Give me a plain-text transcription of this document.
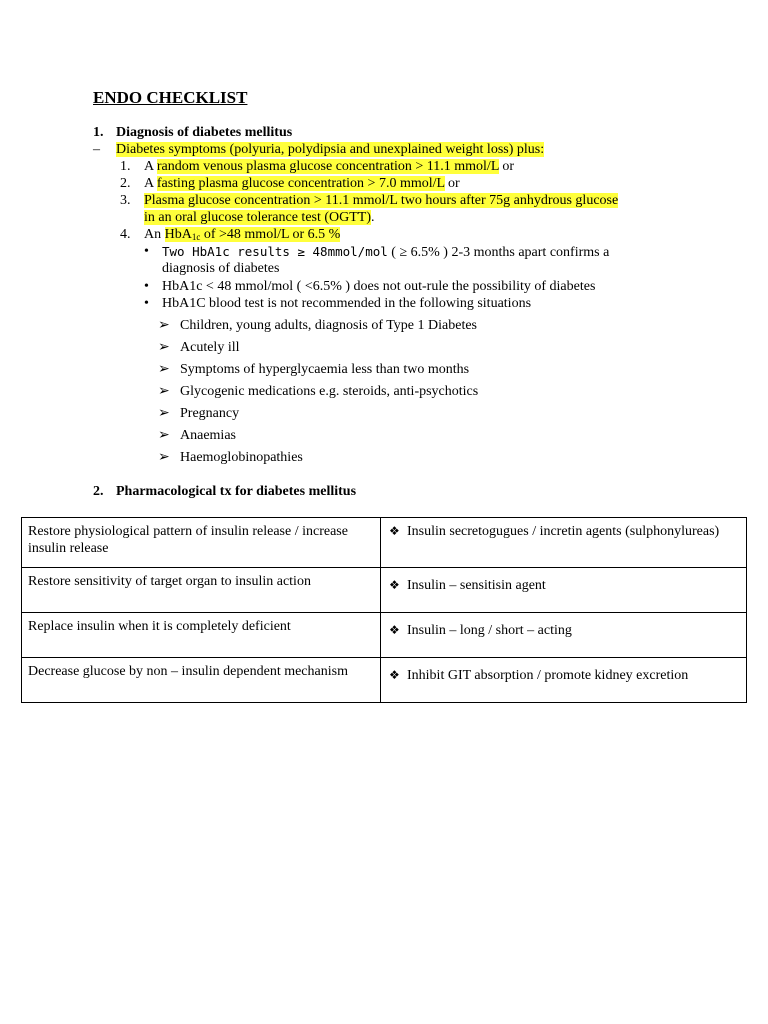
ENDO CHECKLIST
1. Diagnosis of diabetes mellitus
– Diabetes symptoms (polyuria, polydipsia and unexplained weight loss) plus:
1. A random venous plasma glucose concentration > 11.1 mmol/L or
2. A fasting plasma glucose concentration > 7.0 mmol/L or
3. Plasma glucose concentration > 11.1 mmol/L two hours after 75g anhydrous glucose
in an oral glucose tolerance test (OGTT).
4. An HbA$_{1c}$ of >48 mmol/L or 6.5 %
• Two HbA1c results ≥ 48mmol/mol ( ≥ 6.5% ) 2-3 months apart confirms a
diagnosis of diabetes
• HbA1c < 48 mmol/mol ( <6.5% ) does not out-rule the possibility of diabetes
• HbA1C blood test is not recommended in the following situations
➢ Children, young adults, diagnosis of Type 1 Diabetes
➢ Acutely ill
➢ Symptoms of hyperglycaemia less than two months
➢ Glycogenic medications e.g. steroids, anti-psychotics
➢ Pregnancy
➢ Anaemias
➢ Haemoglobinopathies
2. Pharmacological tx for diabetes mellitus
Restore physiological pattern of insulin release / increase insulin release	❖ Insulin secretogugues / incretin agents (sulphonylureas)
Restore sensitivity of target organ to insulin action	❖ Insulin – sensitisin agent
Replace insulin when it is completely deficient	❖ Insulin – long / short – acting
Decrease glucose by non – insulin dependent mechanism	❖ Inhibit GIT absorption / promote kidney excretion
